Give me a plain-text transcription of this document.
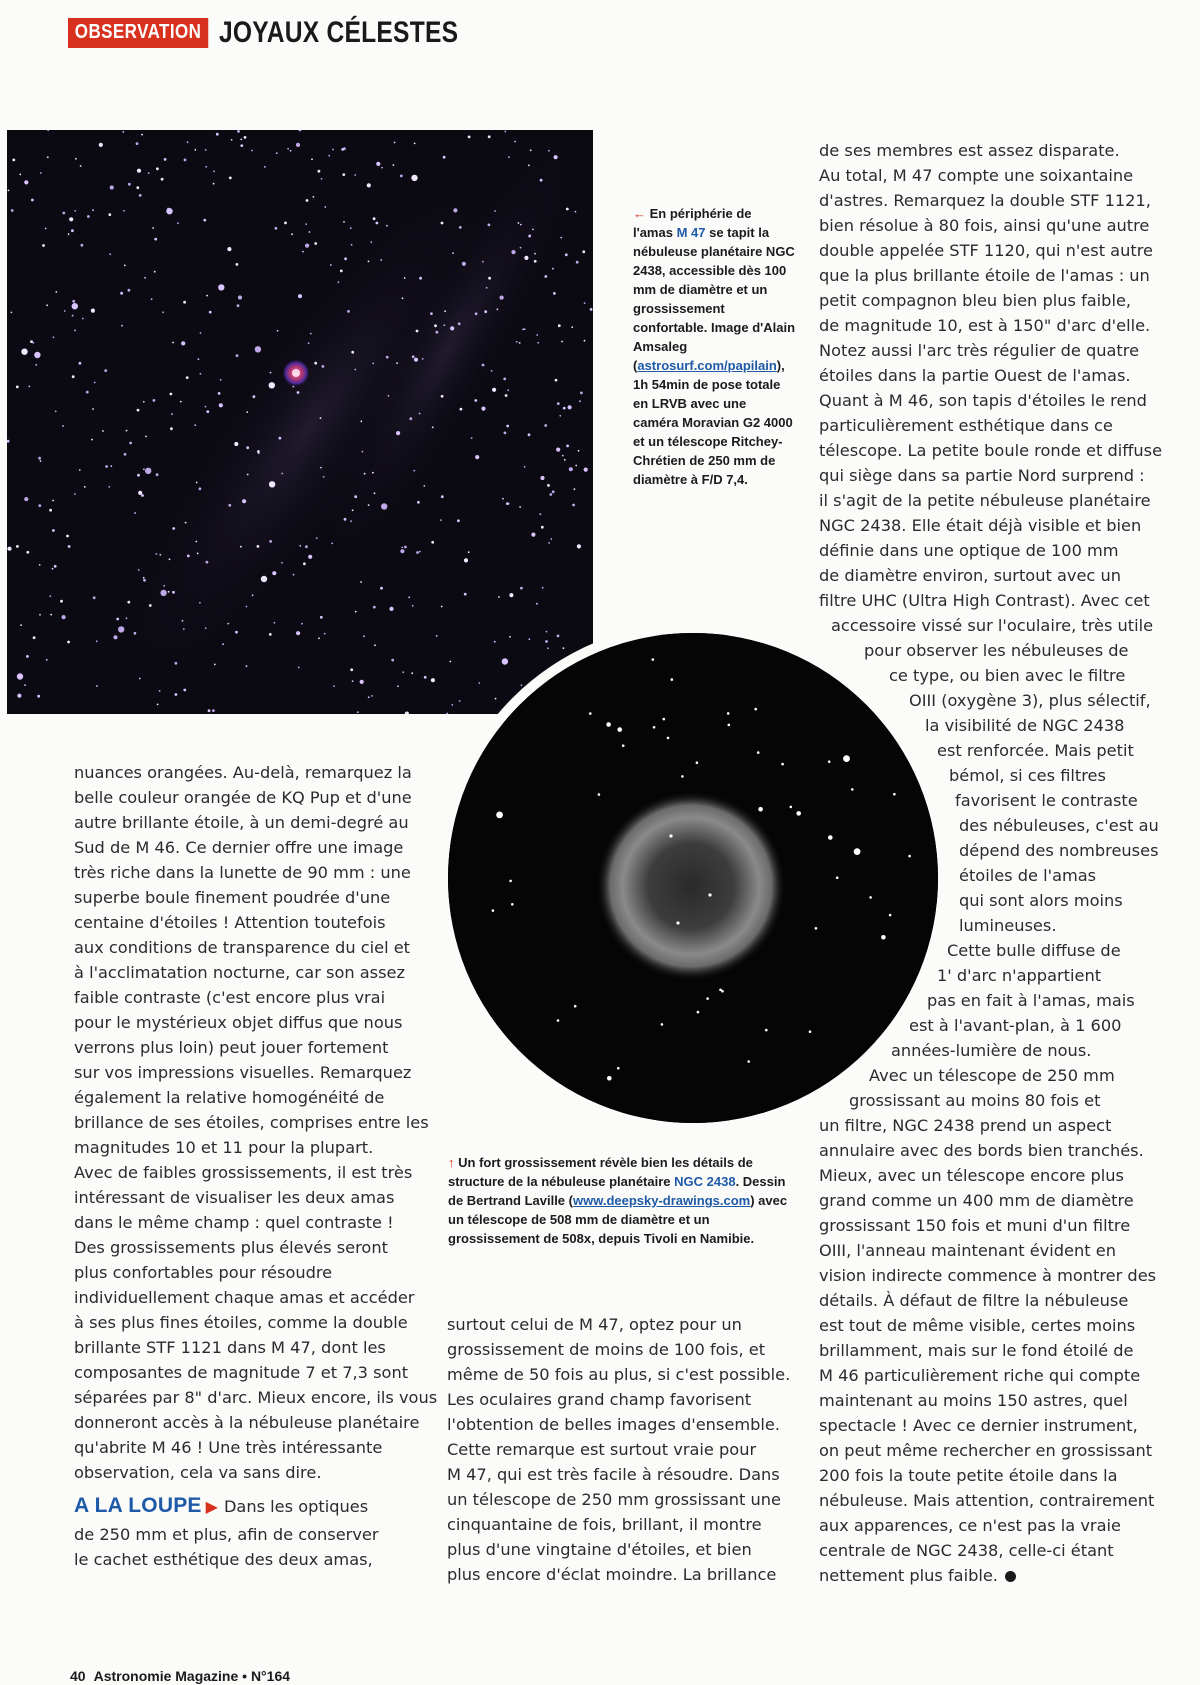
OBSERVATION JOYAUX CÉLESTES
← En périphérie de l'amas M 47 se tapit la nébuleuse planétaire NGC 2438, accessible dès 100 mm de diamètre et un grossissement confortable. Image d'Alain Amsaleg (astrosurf.com/papilain), 1h 54min de pose totale en LRVB avec une caméra Moravian G2 4000 et un télescope Ritchey-Chrétien de 250 mm de diamètre à F/D 7,4.
↑ Un fort grossissement révèle bien les détails de structure de la nébuleuse planétaire NGC 2438. Dessin de Bertrand Laville (www.deepsky-drawings.com) avec un télescope de 508 mm de diamètre et un grossissement de 508x, depuis Tivoli en Namibie.
nuances orangées. Au-delà, remarquez la
belle couleur orangée de KQ Pup et d'une
autre brillante étoile, à un demi-degré au
Sud de M 46. Ce dernier offre une image
très riche dans la lunette de 90 mm : une
superbe boule finement poudrée d'une
centaine d'étoiles ! Attention toutefois
aux conditions de transparence du ciel et
à l'acclimatation nocturne, car son assez
faible contraste (c'est encore plus vrai
pour le mystérieux objet diffus que nous
verrons plus loin) peut jouer fortement
sur vos impressions visuelles. Remarquez
également la relative homogénéité de
brillance de ses étoiles, comprises entre les
magnitudes 10 et 11 pour la plupart.
Avec de faibles grossissements, il est très
intéressant de visualiser les deux amas
dans le même champ : quel contraste !
Des grossissements plus élevés seront
plus confortables pour résoudre
individuellement chaque amas et accéder
à ses plus fines étoiles, comme la double
brillante STF 1121 dans M 47, dont les
composantes de magnitude 7 et 7,3 sont
séparées par 8" d'arc. Mieux encore, ils vous
donneront accès à la nébuleuse planétaire
qu'abrite M 46 ! Une très intéressante
observation, cela va sans dire.
A LA LOUPE ▶ Dans les optiques
de 250 mm et plus, afin de conserver
le cachet esthétique des deux amas,
surtout celui de M 47, optez pour un
grossissement de moins de 100 fois, et
même de 50 fois au plus, si c'est possible.
Les oculaires grand champ favorisent
l'obtention de belles images d'ensemble.
Cette remarque est surtout vraie pour
M 47, qui est très facile à résoudre. Dans
un télescope de 250 mm grossissant une
cinquantaine de fois, brillant, il montre
plus d'une vingtaine d'étoiles, et bien
plus encore d'éclat moindre. La brillance
de ses membres est assez disparate.
Au total, M 47 compte une soixantaine
d'astres. Remarquez la double STF 1121,
bien résolue à 80 fois, ainsi qu'une autre
double appelée STF 1120, qui n'est autre
que la plus brillante étoile de l'amas : un
petit compagnon bleu bien plus faible,
de magnitude 10, est à 150" d'arc d'elle.
Notez aussi l'arc très régulier de quatre
étoiles dans la partie Ouest de l'amas.
Quant à M 46, son tapis d'étoiles le rend
particulièrement esthétique dans ce
télescope. La petite boule ronde et diffuse
qui siège dans sa partie Nord surprend :
il s'agit de la petite nébuleuse planétaire
NGC 2438. Elle était déjà visible et bien
définie dans une optique de 100 mm
de diamètre environ, surtout avec un
filtre UHC (Ultra High Contrast). Avec cet
accessoire vissé sur l'oculaire, très utile
pour observer les nébuleuses de
ce type, ou bien avec le filtre
OIII (oxygène 3), plus sélectif,
la visibilité de NGC 2438
est renforcée. Mais petit
bémol, si ces filtres
favorisent le contraste
des nébuleuses, c'est au
dépend des nombreuses
étoiles de l'amas
qui sont alors moins
lumineuses.
Cette bulle diffuse de
1' d'arc n'appartient
pas en fait à l'amas, mais
est à l'avant-plan, à 1 600
années-lumière de nous.
Avec un télescope de 250 mm
grossissant au moins 80 fois et
un filtre, NGC 2438 prend un aspect
annulaire avec des bords bien tranchés.
Mieux, avec un télescope encore plus
grand comme un 400 mm de diamètre
grossissant 150 fois et muni d'un filtre
OIII, l'anneau maintenant évident en
vision indirecte commence à montrer des
détails. À défaut de filtre la nébuleuse
est tout de même visible, certes moins
brillamment, mais sur le fond étoilé de
M 46 particulièrement riche qui compte
maintenant au moins 150 astres, quel
spectacle ! Avec ce dernier instrument,
on peut même rechercher en grossissant
200 fois la toute petite étoile dans la
nébuleuse. Mais attention, contrairement
aux apparences, ce n'est pas la vraie
centrale de NGC 2438, celle-ci étant
nettement plus faible.
40 Astronomie Magazine • N°164
